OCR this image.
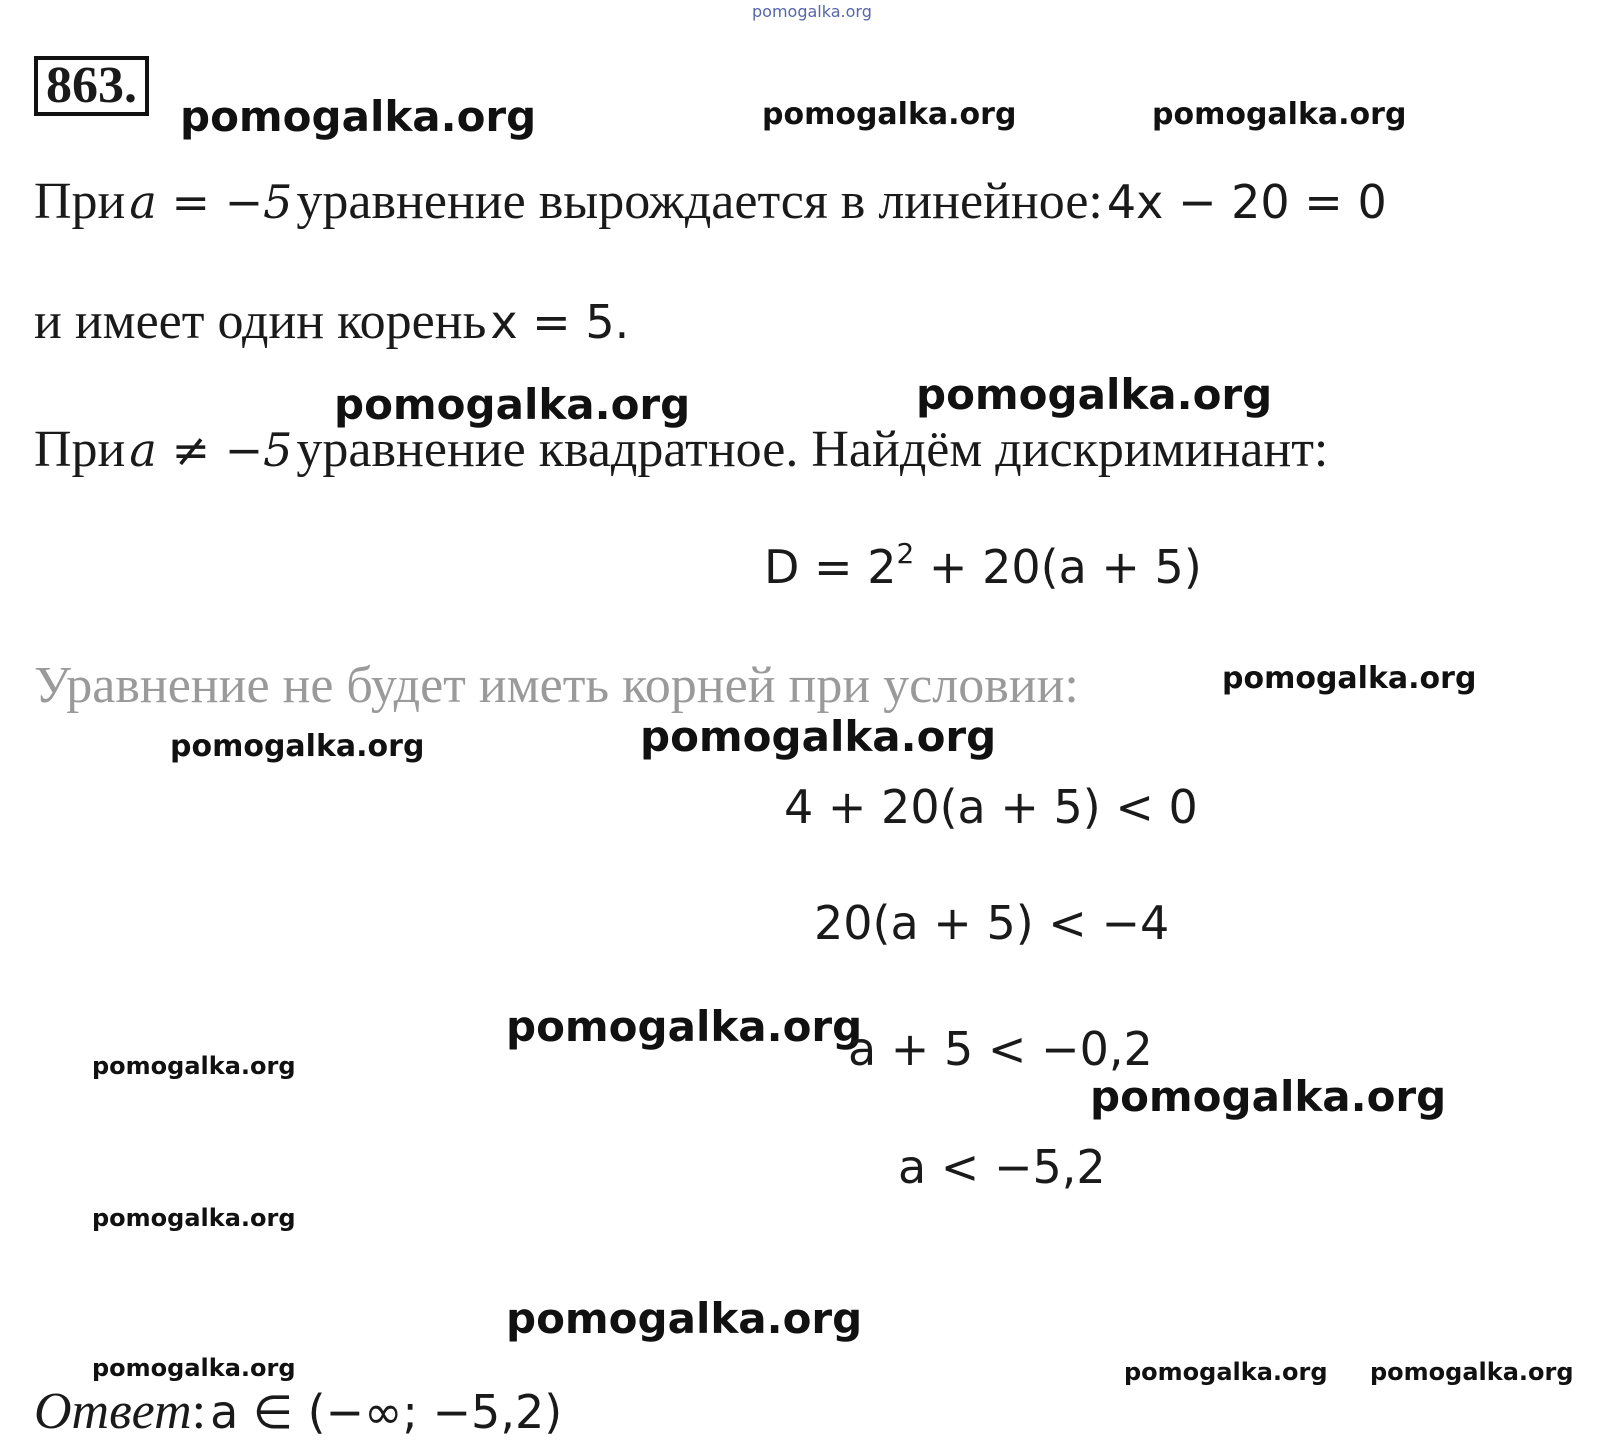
pomogalka.org
863.
pomogalka.org	pomogalka.org	pomogalka.org
При a = −5 уравнение вырождается в линейное: 4x − 20 = 0
и имеет один корень x = 5.
pomogalka.org	pomogalka.org
При a ≠ −5 уравнение квадратное. Найдём дискриминант:
$D = 2^2 + 20(a + 5)$
Уравнение не будет иметь корней при условии:	pomogalka.org
pomogalka.org	pomogalka.org
4 + 20(a + 5) < 0
20(a + 5) < −4
pomogalka.org
a + 5 < −0,2
pomogalka.org
pomogalka.org
a < −5,2
pomogalka.org
pomogalka.org
pomogalka.org	pomogalka.org pomogalka.org
Ответ: a ∈ (−∞; −5,2)
